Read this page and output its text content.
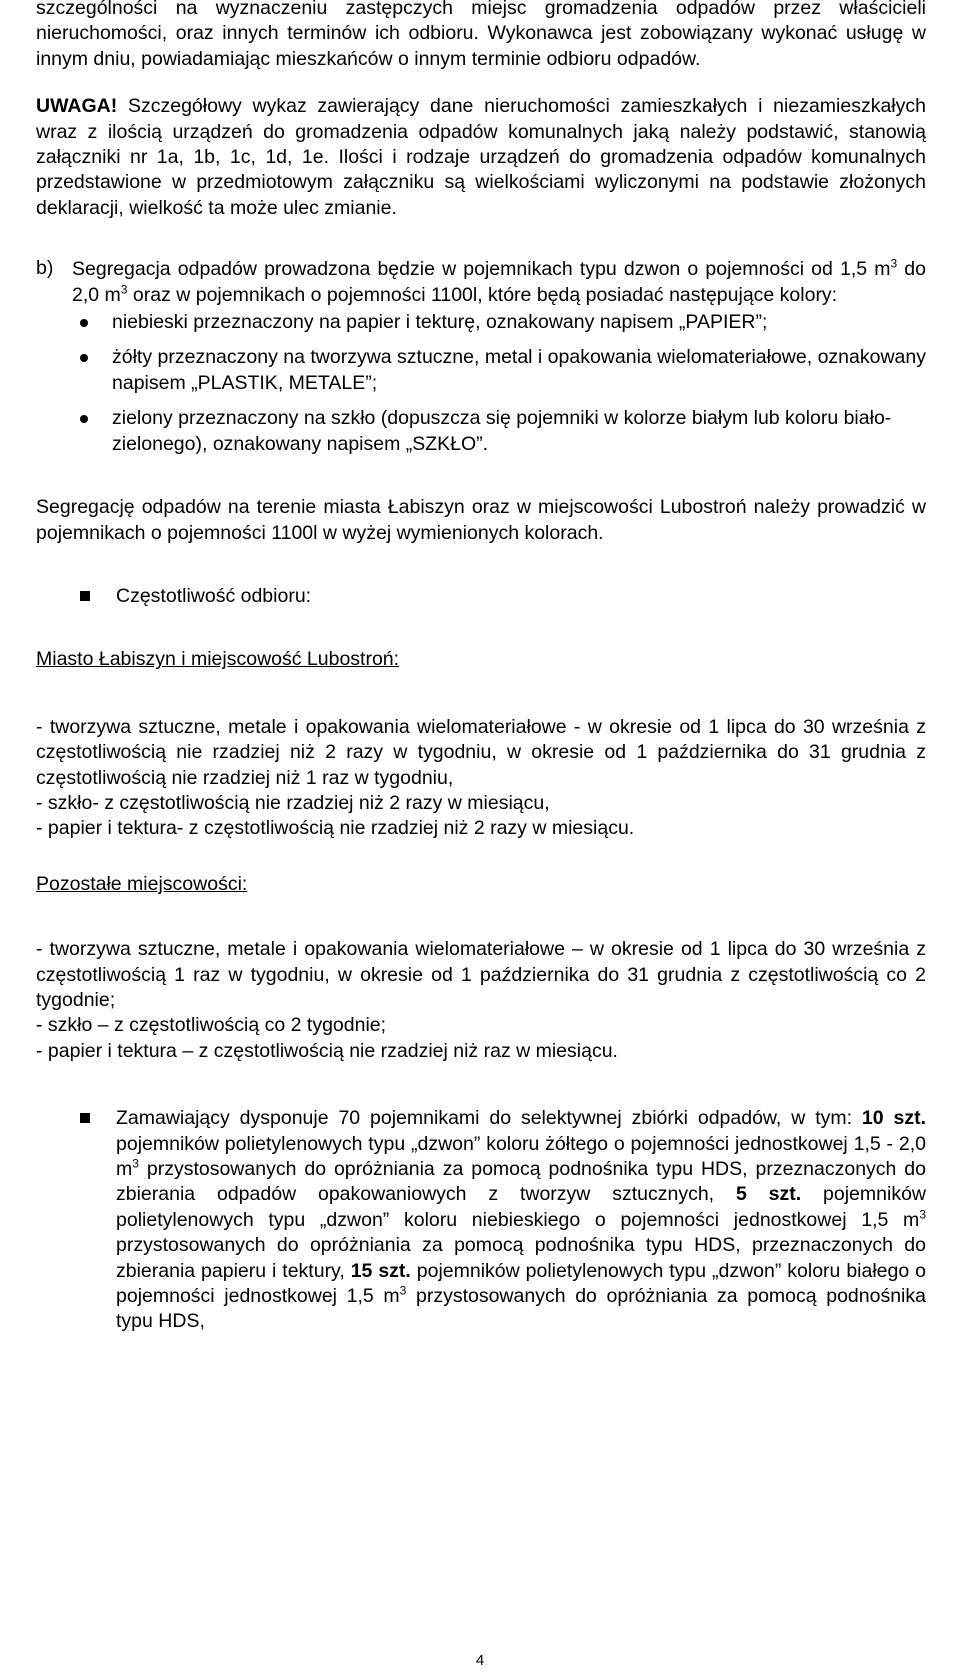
szczególności na wyznaczeniu zastępczych miejsc gromadzenia odpadów przez właścicieli nieruchomości, oraz innych terminów ich odbioru. Wykonawca jest zobowiązany wykonać usługę w innym dniu, powiadamiając mieszkańców o innym terminie odbioru odpadów.

UWAGA! Szczegółowy wykaz zawierający dane nieruchomości zamieszkałych i niezamieszkałych wraz z ilością urządzeń do gromadzenia odpadów komunalnych jaką należy podstawić, stanowią załączniki nr 1a, 1b, 1c, 1d, 1e. Ilości i rodzaje urządzeń do gromadzenia odpadów komunalnych przedstawione w przedmiotowym załączniku są wielkościami wyliczonymi na podstawie złożonych deklaracji, wielkość ta może ulec zmianie.

b) Segregacja odpadów prowadzona będzie w pojemnikach typu dzwon o pojemności od 1,5 $m^3$ do 2,0 $m^3$ oraz w pojemnikach o pojemności 1100l, które będą posiadać następujące kolory:

niebieski przeznaczony na papier i tekturę, oznakowany napisem „PAPIER”;
żółty przeznaczony na tworzywa sztuczne, metal i opakowania wielomateriałowe, oznakowany napisem „PLASTIK, METALE”;
zielony przeznaczony na szkło (dopuszcza się pojemniki w kolorze białym lub koloru biało-zielonego), oznakowany napisem „SZKŁO”.

Segregację odpadów na terenie miasta Łabiszyn oraz w miejscowości Lubostroń należy prowadzić w pojemnikach o pojemności 1100l w wyżej wymienionych kolorach.

Częstotliwość odbioru:

Miasto Łabiszyn i miejscowość Lubostroń:

- tworzywa sztuczne, metale i opakowania wielomateriałowe - w okresie od 1 lipca do 30 września z częstotliwością nie rzadziej niż 2 razy w tygodniu, w okresie od 1 października do 31 grudnia z częstotliwością nie rzadziej niż 1 raz w tygodniu,

- szkło- z częstotliwością nie rzadziej niż 2 razy w miesiącu,

- papier i tektura- z częstotliwością nie rzadziej niż 2 razy w miesiącu.

Pozostałe miejscowości:

- tworzywa sztuczne, metale i opakowania wielomateriałowe – w okresie od 1 lipca do 30 września z częstotliwością 1 raz w tygodniu, w okresie od 1 października do 31 grudnia z częstotliwością co 2 tygodnie;

- szkło – z częstotliwością co 2 tygodnie;

- papier i tektura – z częstotliwością nie rzadziej niż raz w miesiącu.

Zamawiający dysponuje 70 pojemnikami do selektywnej zbiórki odpadów, w tym: 10 szt. pojemników polietylenowych typu „dzwon” koloru żółtego o pojemności jednostkowej 1,5 - 2,0 $m^3$ przystosowanych do opróżniania za pomocą podnośnika typu HDS, przeznaczonych do zbierania odpadów opakowaniowych z tworzyw sztucznych, 5 szt. pojemników polietylenowych typu „dzwon” koloru niebieskiego o pojemności jednostkowej 1,5 $m^3$ przystosowanych do opróżniania za pomocą podnośnika typu HDS, przeznaczonych do zbierania papieru i tektury, 15 szt. pojemników polietylenowych typu „dzwon” koloru białego o pojemności jednostkowej 1,5 $m^3$ przystosowanych do opróżniania za pomocą podnośnika typu HDS,

4
